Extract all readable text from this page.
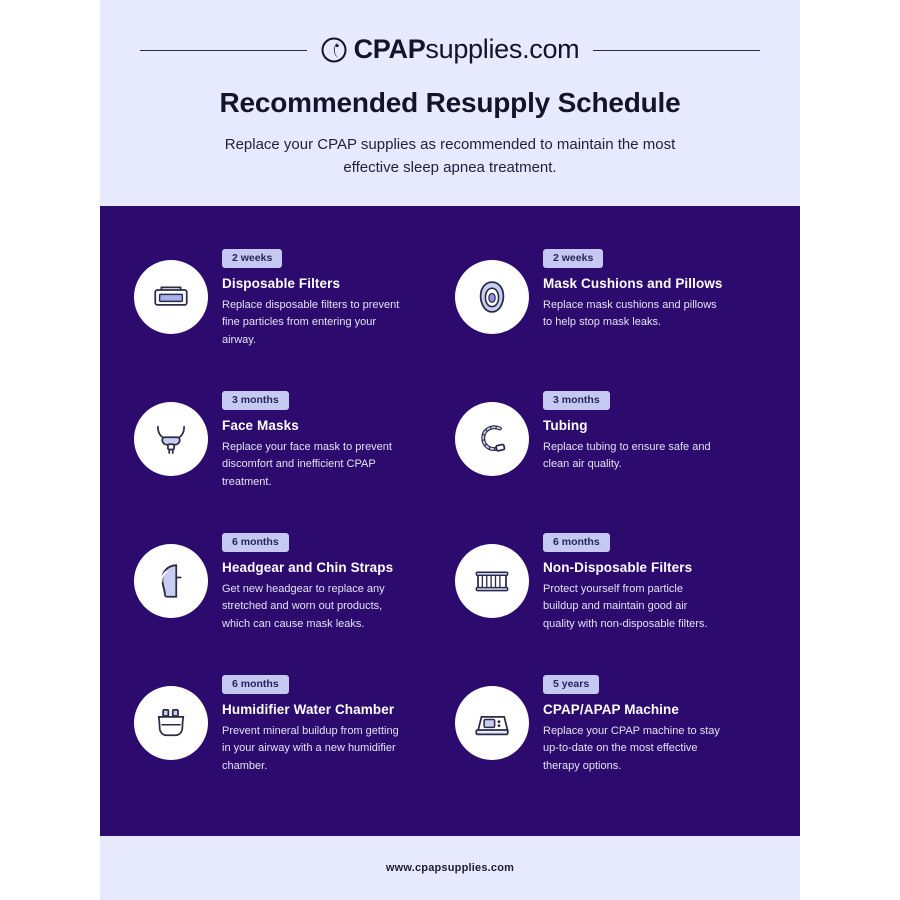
CPAPsupplies.com
Recommended Resupply Schedule

Replace your CPAP supplies as recommended to maintain the most effective sleep apnea treatment.

2 weeks
Disposable Filters

Replace disposable filters to prevent fine particles from entering your airway.

2 weeks
Mask Cushions and Pillows

Replace mask cushions and pillows to help stop mask leaks.

3 months
Face Masks

Replace your face mask to prevent discomfort and inefficient CPAP treatment.

3 months
Tubing

Replace tubing to ensure safe and clean air quality.

6 months
Headgear and Chin Straps

Get new headgear to replace any stretched and worn out products, which can cause mask leaks.

6 months
Non-Disposable Filters

Protect yourself from particle buildup and maintain good air quality with non-disposable filters.

6 months
Humidifier Water Chamber

Prevent mineral buildup from getting in your airway with a new humidifier chamber.

5 years
CPAP/APAP Machine

Replace your CPAP machine to stay up-to-date on the most effective therapy options.

www.cpapsupplies.com
